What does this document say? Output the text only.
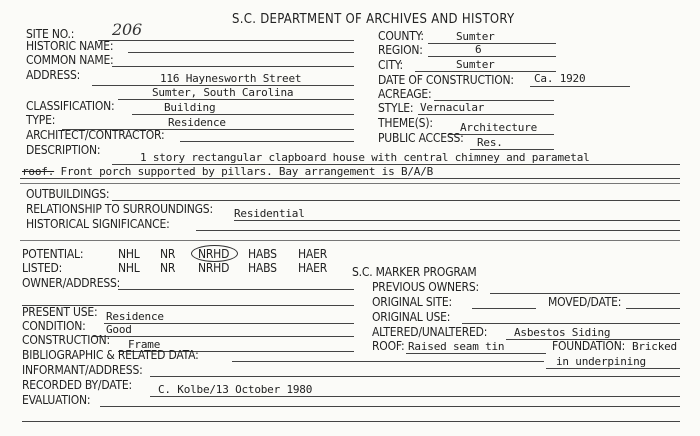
S.C. DEPARTMENT OF ARCHIVES AND HISTORY
SITE NO.: 206	COUNTY:	Sumter
HISTORIC NAME:	REGION:	6
COMMON NAME:	CITY:	Sumter
ADDRESS:	116 Haynesworth Street
Sumter, South Carolina
DATE OF CONSTRUCTION: Ca. 1920
ACREAGE:
CLASSIFICATION:	Building	STYLE: Vernacular
TYPE:	Residence	THEME(S): Architecture
ARCHITECT/CONTRACTOR:	PUBLIC ACCESS: Res.
DESCRIPTION:
1 story rectangular clapboard house with central chimney and parametal
roof. Front porch supported by pillars. Bay arrangement is B/A/B
OUTBUILDINGS:
RELATIONSHIP TO SURROUNDINGS: Residential
HISTORICAL SIGNIFICANCE:
POTENTIAL:	NHL NR NRHD HABS HAER
LISTED:	NHL NR NRHD HABS HAER S.C. MARKER PROGRAM
OWNER/ADDRESS:	PREVIOUS OWNERS:
ORIGINAL SITE:	MOVED/DATE:
PRESENT USE: Residence	ORIGINAL USE:
CONDITION: Good	ALTERED/UNALTERED: Asbestos Siding
CONSTRUCTION: Frame	ROOF: Raised seam tin	FOUNDATION: Bricked
in underpining
BIBLIOGRAPHIC & RELATED DATA:
INFORMANT/ADDRESS:
RECORDED BY/DATE: C. Kolbe/13 October 1980
EVALUATION:
